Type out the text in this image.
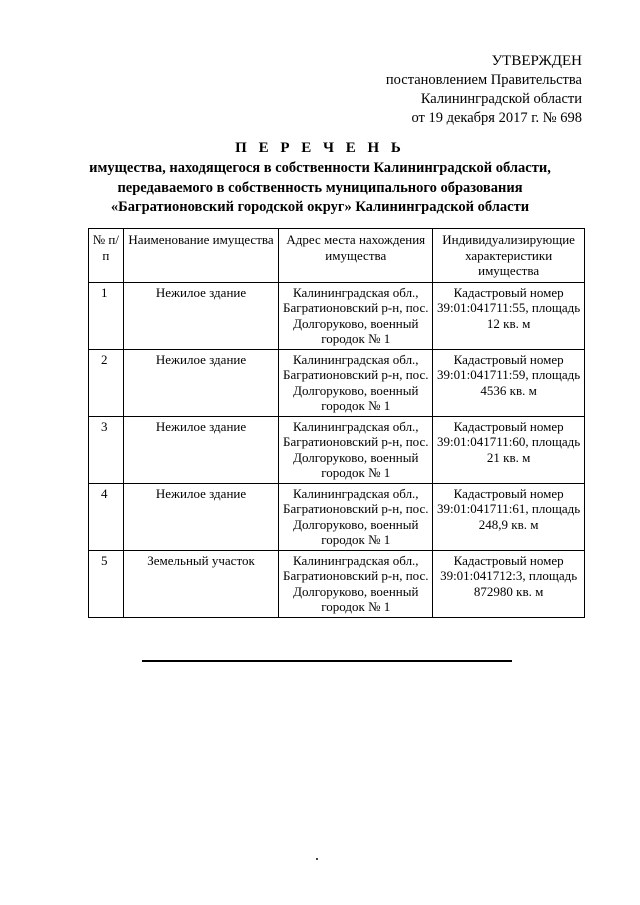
УТВЕРЖДЕН
постановлением Правительства
Калининградской области
от 19 декабря 2017 г. № 698
П Е Р Е Ч Е Н Ь
имущества, находящегося в собственности Калининградской области,
передаваемого в собственность муниципального образования
«Багратионовский городской округ» Калининградской области
№ п/п	Наименование имущества	Адрес места нахождения имущества	Индивидуализирующие характеристики имущества
1	Нежилое здание	Калининградская обл., Багратионовский р-н, пос. Долгоруково, военный городок № 1	Кадастровый номер 39:01:041711:55, площадь 12 кв. м
2	Нежилое здание	Калининградская обл., Багратионовский р-н, пос. Долгоруково, военный городок № 1	Кадастровый номер 39:01:041711:59, площадь 4536 кв. м
3	Нежилое здание	Калининградская обл., Багратионовский р-н, пос. Долгоруково, военный городок № 1	Кадастровый номер 39:01:041711:60, площадь 21 кв. м
4	Нежилое здание	Калининградская обл., Багратионовский р-н, пос. Долгоруково, военный городок № 1	Кадастровый номер 39:01:041711:61, площадь 248,9 кв. м
5	Земельный участок	Калининградская обл., Багратионовский р-н, пос. Долгоруково, военный городок № 1	Кадастровый номер 39:01:041712:3, площадь 872980 кв. м
